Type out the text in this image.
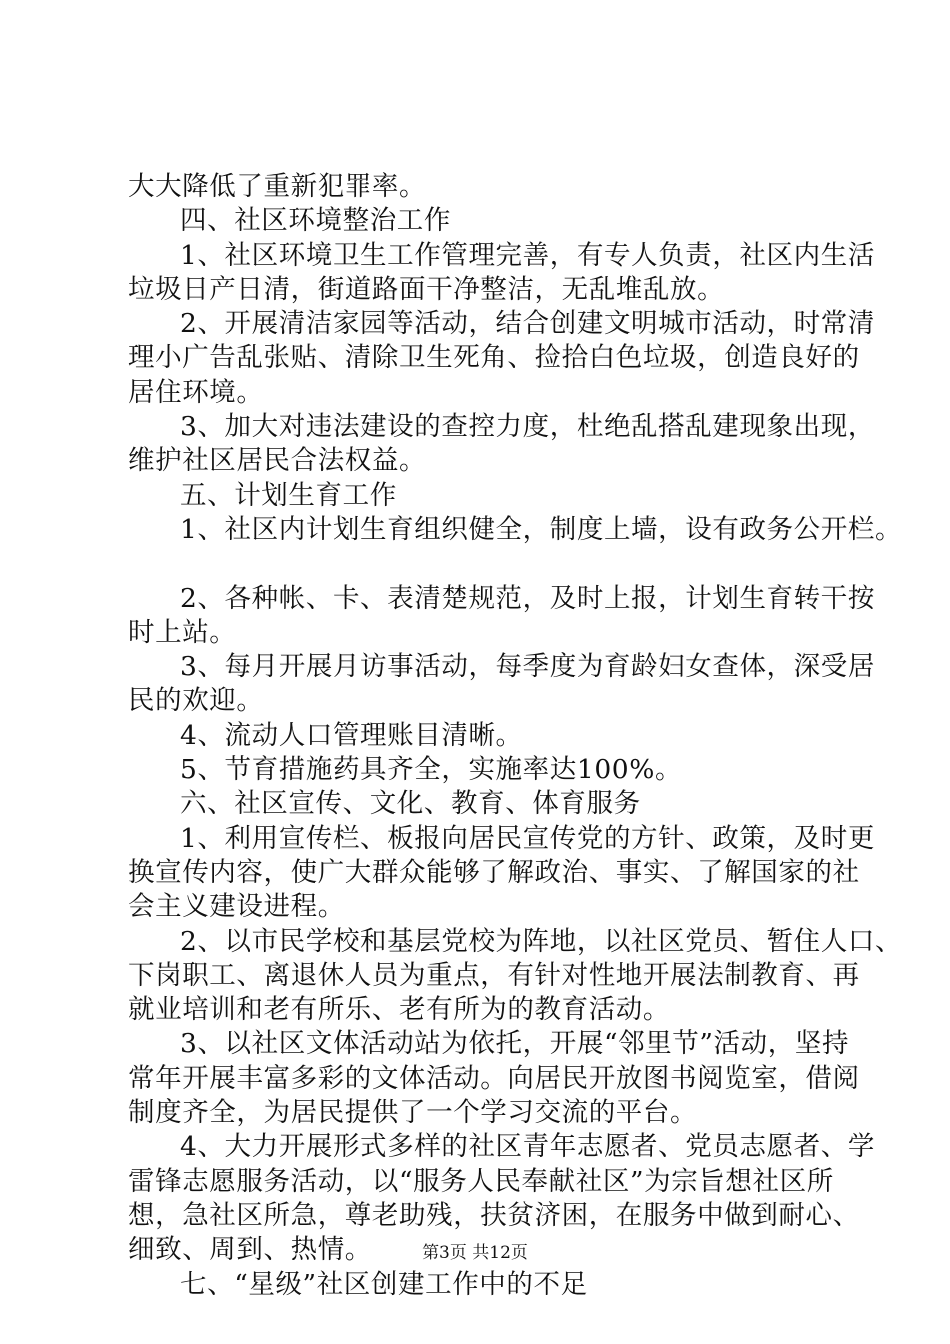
大大降低了重新犯罪率。
四、社区环境整治工作
1、社区环境卫生工作管理完善，有专人负责，社区内生活
垃圾日产日清，街道路面干净整洁，无乱堆乱放。
2、开展清洁家园等活动，结合创建文明城市活动，时常清
理小广告乱张贴、清除卫生死角、捡拾白色垃圾，创造良好的
居住环境。
3、加大对违法建设的查控力度，杜绝乱搭乱建现象出现，
维护社区居民合法权益。
五、计划生育工作
1、社区内计划生育组织健全，制度上墙，设有政务公开栏。
2、各种帐、卡、表清楚规范，及时上报，计划生育转干按
时上站。
3、每月开展月访事活动，每季度为育龄妇女查体，深受居
民的欢迎。
4、流动人口管理账目清晰。
5、节育措施药具齐全，实施率达100%。
六、社区宣传、文化、教育、体育服务
1、利用宣传栏、板报向居民宣传党的方针、政策，及时更
换宣传内容，使广大群众能够了解政治、事实、了解国家的社
会主义建设进程。
2、以市民学校和基层党校为阵地，以社区党员、暂住人口、
下岗职工、离退休人员为重点，有针对性地开展法制教育、再
就业培训和老有所乐、老有所为的教育活动。
3、以社区文体活动站为依托，开展“邻里节”活动，坚持
常年开展丰富多彩的文体活动。向居民开放图书阅览室，借阅
制度齐全，为居民提供了一个学习交流的平台。
4、大力开展形式多样的社区青年志愿者、党员志愿者、学
雷锋志愿服务活动，以“服务人民奉献社区”为宗旨想社区所
想，急社区所急，尊老助残，扶贫济困，在服务中做到耐心、
细致、周到、热情。
七、“星级”社区创建工作中的不足
第3页 共12页
